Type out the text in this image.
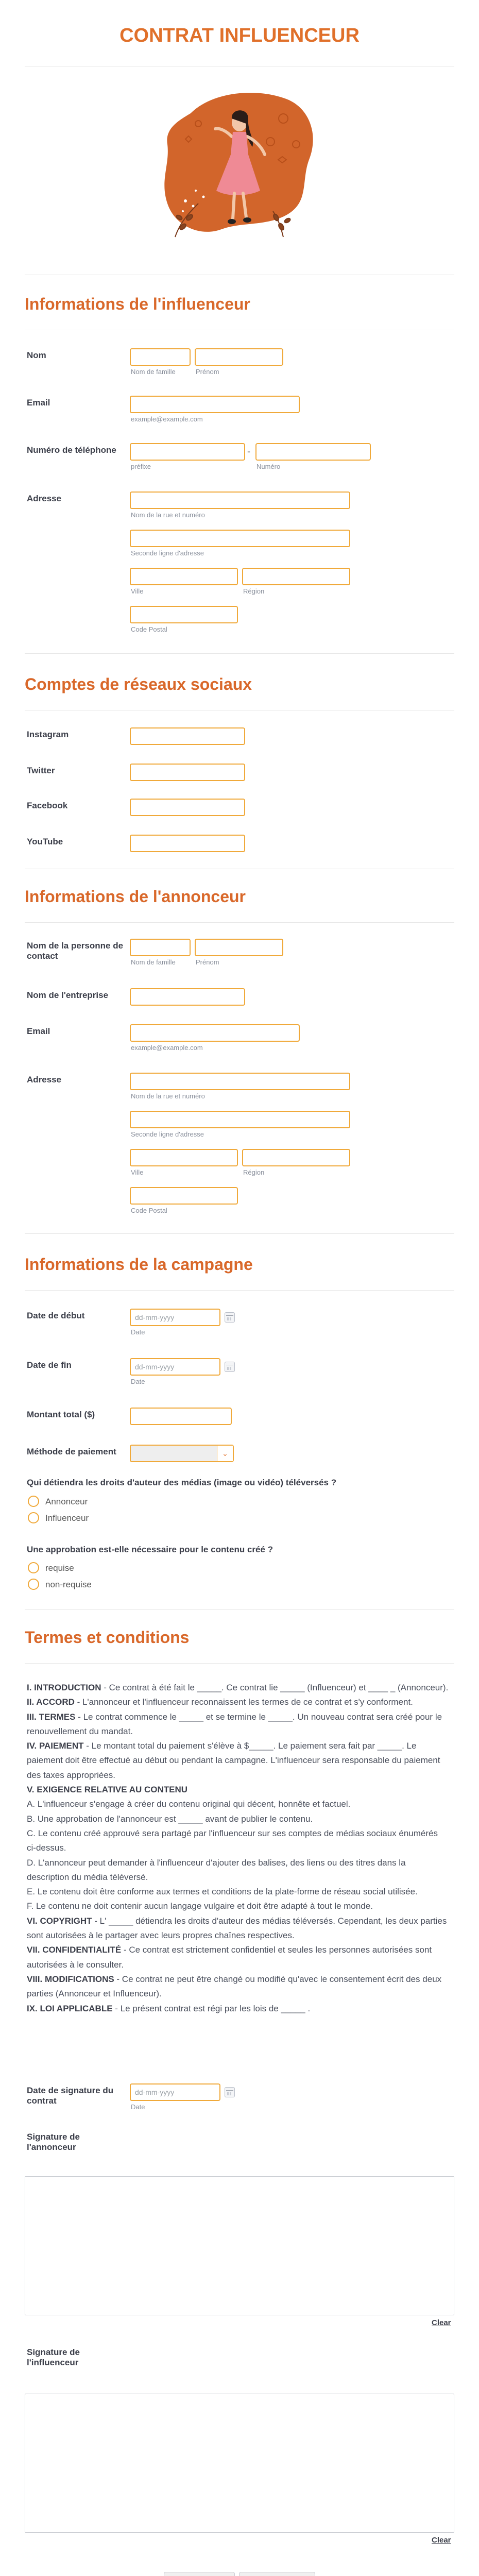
CONTRAT INFLUENCEUR
Informations de l'influenceur
Nom
Nom de famille	Prénom
Email
example@example.com
Numéro de téléphone	-
préfixe	Numéro
Adresse
Nom de la rue et numéro
Seconde ligne d'adresse
Ville	Région
Code Postal
Comptes de réseaux sociaux
Instagram
Twitter
Facebook
YouTube
Informations de l'annonceur
Nom de la personne de contact
Nom de famille	Prénom
Nom de l'entreprise
Email
example@example.com
Adresse
Nom de la rue et numéro
Seconde ligne d'adresse
Ville	Région
Code Postal
Informations de la campagne
Date de début	dd-mm-yyyy
Date
Date de fin	dd-mm-yyyy
Date
Montant total ($)
Méthode de paiement	⌄
Qui détiendra les droits d'auteur des médias (image ou vidéo) téléversés ?
Annonceur
Influenceur
Une approbation est-elle nécessaire pour le contenu créé ?
requise
non-requise
Termes et conditions
I. INTRODUCTION - Ce contrat à été fait le _____. Ce contrat lie _____ (Influenceur) et ____ _ (Annonceur).
II. ACCORD - L'annonceur et l'influenceur reconnaissent les termes de ce contrat et s'y conforment.
III. TERMES - Le contrat commence le _____ et se termine le _____. Un nouveau contrat sera créé pour le renouvellement du mandat.
IV. PAIEMENT - Le montant total du paiement s'élève à $_____. Le paiement sera fait par _____. Le paiement doit être effectué au début ou pendant la campagne. L'influenceur sera responsable du paiement des taxes appropriées.
V. EXIGENCE RELATIVE AU CONTENU
A. L'influenceur s'engage à créer du contenu original qui décent, honnête et factuel.
B. Une approbation de l'annonceur est _____ avant de publier le contenu.
C. Le contenu créé approuvé sera partagé par l'influenceur sur ses comptes de médias sociaux énumérés ci-dessus.
D. L'annonceur peut demander à l'influenceur d'ajouter des balises, des liens ou des titres dans la description du média téléversé.
E. Le contenu doit être conforme aux termes et conditions de la plate-forme de réseau social utilisée.
F. Le contenu ne doit contenir aucun langage vulgaire et doit être adapté à tout le monde.
VI. COPYRIGHT - L' _____ détiendra les droits d'auteur des médias téléversés. Cependant, les deux parties sont autorisées à le partager avec leurs propres chaînes respectives.
VII. CONFIDENTIALITÉ - Ce contrat est strictement confidentiel et seules les personnes autorisées sont autorisées à le consulter.
VIII. MODIFICATIONS - Ce contrat ne peut être changé ou modifié qu'avec le consentement écrit des deux parties (Annonceur et Influenceur).
IX. LOI APPLICABLE - Le présent contrat est régi par les lois de _____ .
Date de signature du contrat
dd-mm-yyyy
Date
Signature de l'annonceur
Clear
Signature de l'influenceur
Clear
